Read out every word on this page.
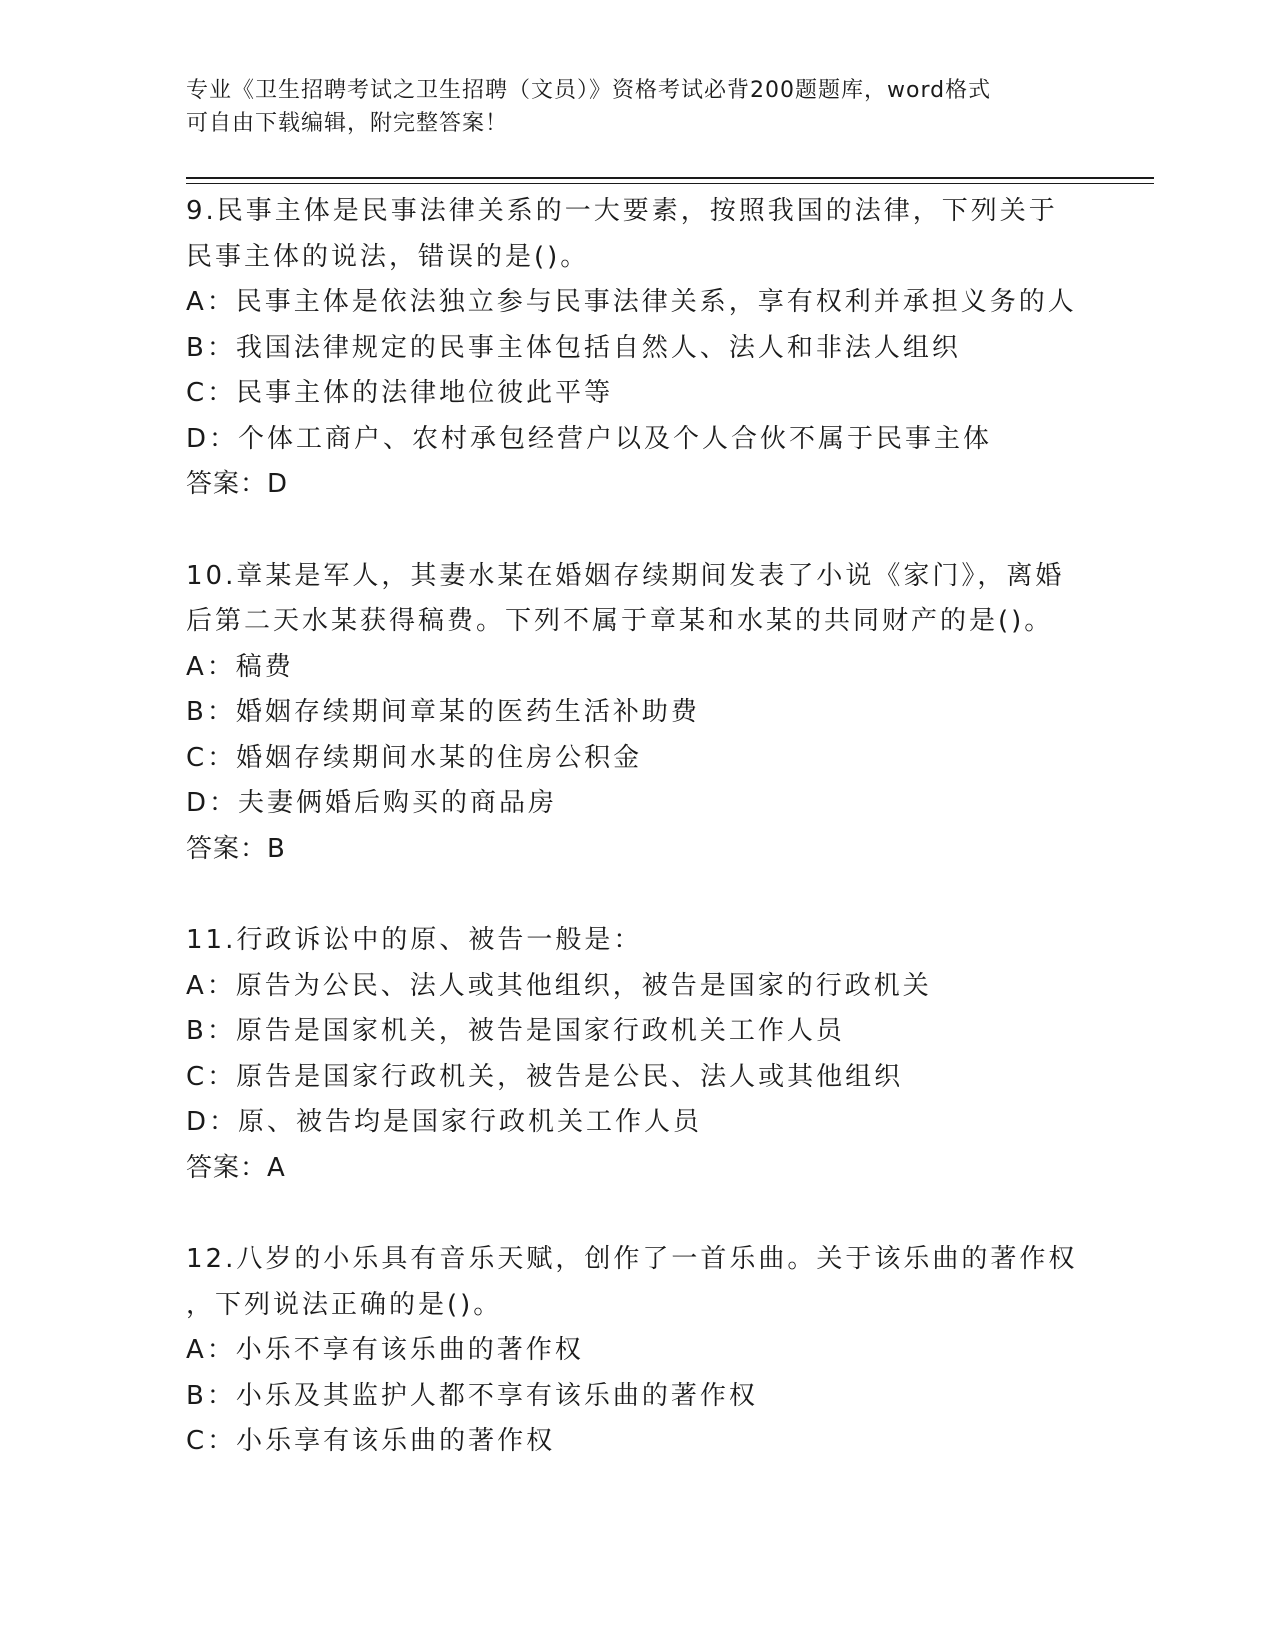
专业《卫生招聘考试之卫生招聘（文员）》资格考试必背200题题库，word格式
可自由下载编辑，附完整答案！
9.民事主体是民事法律关系的一大要素，按照我国的法律，下列关于
民事主体的说法，错误的是()。
A：民事主体是依法独立参与民事法律关系，享有权利并承担义务的人
B：我国法律规定的民事主体包括自然人、法人和非法人组织
C：民事主体的法律地位彼此平等
D：个体工商户、农村承包经营户以及个人合伙不属于民事主体
答案：D
10.章某是军人，其妻水某在婚姻存续期间发表了小说《家门》，离婚
后第二天水某获得稿费。下列不属于章某和水某的共同财产的是()。
A：稿费
B：婚姻存续期间章某的医药生活补助费
C：婚姻存续期间水某的住房公积金
D：夫妻俩婚后购买的商品房
答案：B
11.行政诉讼中的原、被告一般是：
A：原告为公民、法人或其他组织，被告是国家的行政机关
B：原告是国家机关，被告是国家行政机关工作人员
C：原告是国家行政机关，被告是公民、法人或其他组织
D：原、被告均是国家行政机关工作人员
答案：A
12.八岁的小乐具有音乐天赋，创作了一首乐曲。关于该乐曲的著作权
，下列说法正确的是()。
A：小乐不享有该乐曲的著作权
B：小乐及其监护人都不享有该乐曲的著作权
C：小乐享有该乐曲的著作权
